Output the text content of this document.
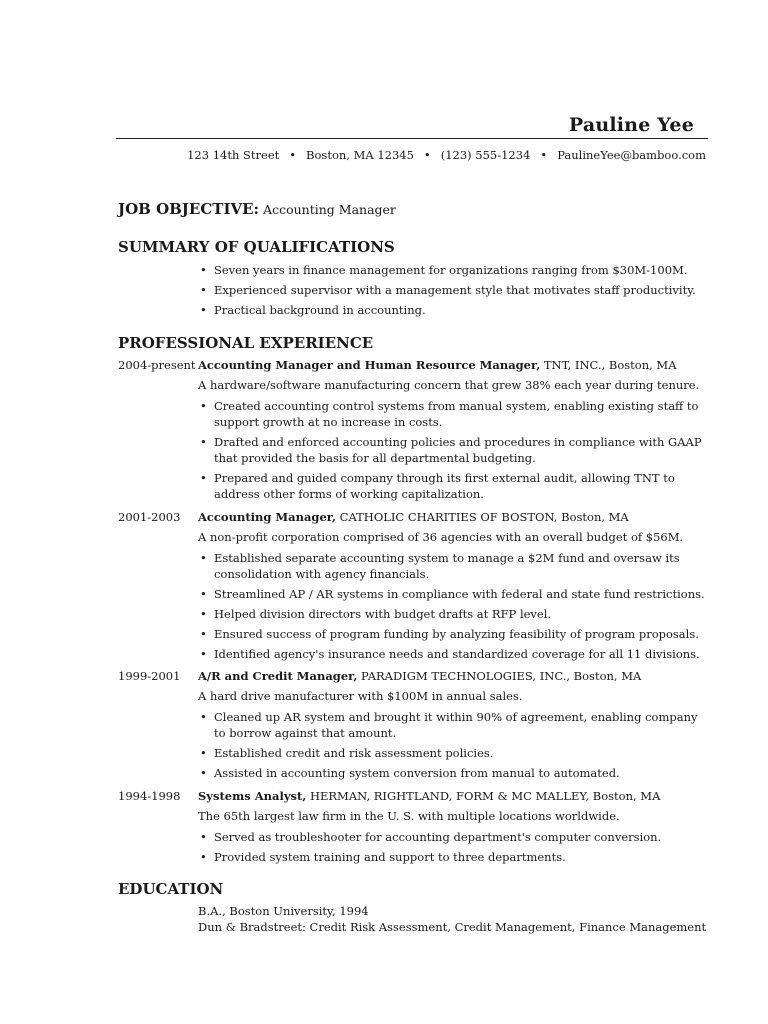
Pauline Yee
123 14th Street • Boston, MA 12345 • (123) 555-1234 • PaulineYee@bamboo.com
JOB OBJECTIVE: Accounting Manager
SUMMARY OF QUALIFICATIONS
• Seven years in finance management for organizations ranging from $30M-100M.
• Experienced supervisor with a management style that motivates staff productivity.
• Practical background in accounting.
PROFESSIONAL EXPERIENCE
2004-present Accounting Manager and Human Resource Manager, TNT, INC., Boston, MA
A hardware/software manufacturing concern that grew 38% each year during tenure.
• Created accounting control systems from manual system, enabling existing staff to support growth at no increase in costs.
• Drafted and enforced accounting policies and procedures in compliance with GAAP that provided the basis for all departmental budgeting.
• Prepared and guided company through its first external audit, allowing TNT to address other forms of working capitalization.
2001-2003 Accounting Manager, CATHOLIC CHARITIES OF BOSTON, Boston, MA
A non-profit corporation comprised of 36 agencies with an overall budget of $56M.
• Established separate accounting system to manage a $2M fund and oversaw its consolidation with agency financials.
• Streamlined AP / AR systems in compliance with federal and state fund restrictions.
• Helped division directors with budget drafts at RFP level.
• Ensured success of program funding by analyzing feasibility of program proposals.
• Identified agency's insurance needs and standardized coverage for all 11 divisions.
1999-2001 A/R and Credit Manager, PARADIGM TECHNOLOGIES, INC., Boston, MA
A hard drive manufacturer with $100M in annual sales.
• Cleaned up AR system and brought it within 90% of agreement, enabling company to borrow against that amount.
• Established credit and risk assessment policies.
• Assisted in accounting system conversion from manual to automated.
1994-1998 Systems Analyst, HERMAN, RIGHTLAND, FORM & MC MALLEY, Boston, MA
The 65th largest law firm in the U. S. with multiple locations worldwide.
• Served as troubleshooter for accounting department's computer conversion.
• Provided system training and support to three departments.
EDUCATION
B.A., Boston University, 1994
Dun & Bradstreet: Credit Risk Assessment, Credit Management, Finance Management
